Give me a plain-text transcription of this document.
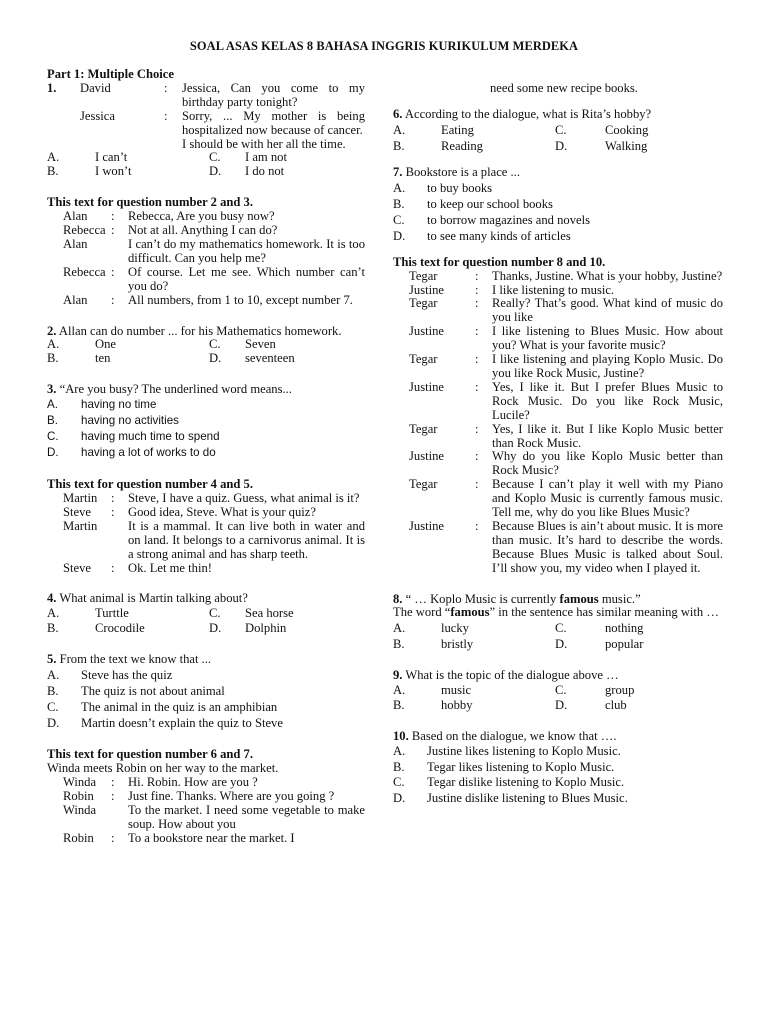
SOAL ASAS KELAS 8 BAHASA INGGRIS KURIKULUM MERDEKA
Part 1: Multiple Choice
1.	David	:	Jessica, Can you come to my birthday party tonight?
Jessica	:	Sorry, ... My mother is being hospitalized now because of cancer.
I should be with her all the time.
A.	I can’t	C.	I am not
B.	I won’t	D.	I do not
This text for question number 2 and 3.
Alan	:	Rebecca, Are you busy now?
Rebecca :	Not at all. Anything I can do?
Alan	I can’t do my mathematics homework. It is too difficult. Can you help me?
Rebecca :	Of course. Let me see. Which number can’t you do?
Alan	:	All numbers, from 1 to 10, except number 7.
2. Allan can do number ... for his Mathematics homework.
A.	One	C.	Seven
B.	ten	D.	seventeen
3. “Are you busy? The underlined word means...
A.	having no time
B.	having no activities
C.	having much time to spend
D.	having a lot of works to do
This text for question number 4 and 5.
Martin	:	Steve, I have a quiz. Guess, what animal is it?
Steve	:	Good idea, Steve. What is your quiz?
Martin	It is a mammal. It can live both in water and on land. It belongs to a carnivorus animal. It is a strong animal and has sharp teeth.
Steve	:	Ok. Let me thin!
4. What animal is Martin talking about?
A.	Turttle	C.	Sea horse
B.	Crocodile	D.	Dolphin
5. From the text we know that ...
A.	Steve has the quiz
B.	The quiz is not about animal
C.	The animal in the quiz is an amphibian
D.	Martin doesn’t explain the quiz to Steve
This text for question number 6 and 7.
Winda meets Robin on her way to the market.
Winda	:	Hi. Robin. How are you ?
Robin	:	Just fine. Thanks. Where are you going ?
Winda	To the market. I need some vegetable to make soup. How about you
Robin	:	To a bookstore near the market. I
need some new recipe books.
6. According to the dialogue, what is Rita’s hobby?
A.	Eating	C.	Cooking
B.	Reading	D.	Walking
7. Bookstore is a place ...
A.	to buy books
B.	to keep our school books
C.	to borrow magazines and novels
D.	to see many kinds of articles
This text for question number 8 and 10.
Tegar	:	Thanks, Justine. What is your hobby, Justine?
Justine	:	I like listening to music.
Tegar	:	Really? That’s good. What kind of music do you like
Justine	:	I like listening to Blues Music. How about you? What is your favorite music?
Tegar	:	I like listening and playing Koplo Music. Do you like Rock Music, Justine?
Justine	:	Yes, I like it. But I prefer Blues Music to Rock Music. Do you like Rock Music, Lucile?
Tegar	:	Yes, I like it. But I like Koplo Music better than Rock Music.
Justine	:	Why do you like Koplo Music better than Rock Music?
Tegar	:	Because I can’t play it well with my Piano and Koplo Music is currently famous music. Tell me, why do you like Blues Music?
Justine	:	Because Blues is ain’t about music. It is more than music. It’s hard to describe the words. Because Blues Music is talked about Soul. I’ll show you, my video when I played it.
8. “ … Koplo Music is currently famous music.”
The word “famous” in the sentence has similar meaning with …
A.	lucky	C.	nothing
B.	bristly	D.	popular
9. What is the topic of the dialogue above …
A.	music	C.	group
B.	hobby	D.	club
10. Based on the dialogue, we know that ….
A.	Justine likes listening to Koplo Music.
B.	Tegar likes listening to Koplo Music.
C.	Tegar dislike listening to Koplo Music.
D.	Justine dislike listening to Blues Music.
